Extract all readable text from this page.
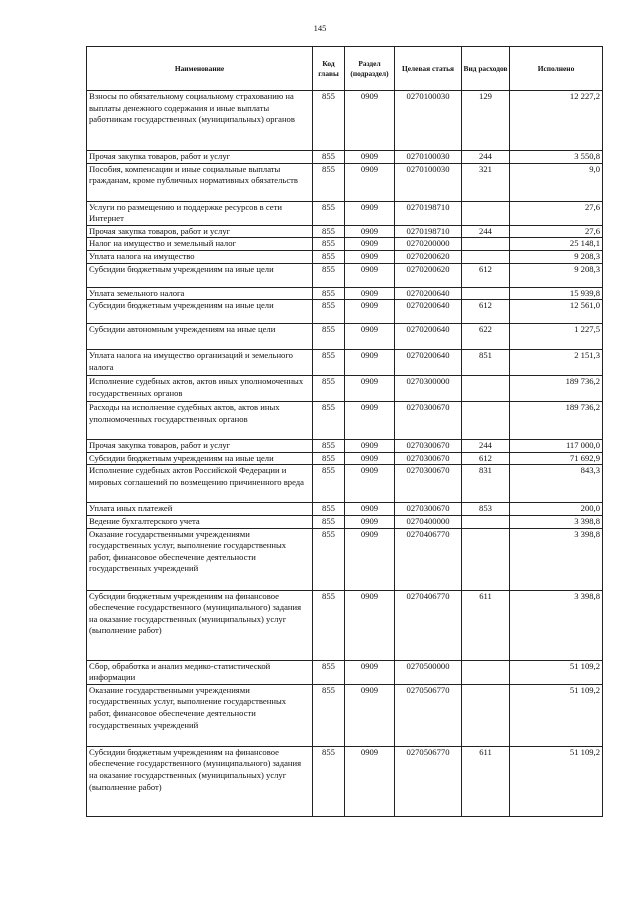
145
Наименование	Код главы	Раздел (подраздел)	Целевая статья	Вид расходов	Исполнено
Взносы по обязательному социальному страхованию на выплаты денежного содержания и иные выплаты работникам государственных (муниципальных) органов	855	0909	0270100030	129	12 227,2
Прочая закупка товаров, работ и услуг	855	0909	0270100030	244	3 550,8
Пособия, компенсации и иные социальные выплаты гражданам, кроме публичных нормативных обязательств	855	0909	0270100030	321	9,0
Услуги по размещению и поддержке ресурсов в сети Интернет	855	0909	0270198710		27,6
Прочая закупка товаров, работ и услуг	855	0909	0270198710	244	27,6
Налог на имущество и земельный налог	855	0909	0270200000		25 148,1
Уплата налога на имущество	855	0909	0270200620		9 208,3
Субсидии бюджетным учреждениям на иные цели	855	0909	0270200620	612	9 208,3
Уплата земельного налога	855	0909	0270200640		15 939,8
Субсидии бюджетным учреждениям на иные цели	855	0909	0270200640	612	12 561,0
Субсидии автономным учреждениям на иные цели	855	0909	0270200640	622	1 227,5
Уплата налога на имущество организаций и земельного налога	855	0909	0270200640	851	2 151,3
Исполнение судебных актов, актов иных уполномоченных государственных органов	855	0909	0270300000		189 736,2
Расходы на исполнение судебных актов, актов иных уполномоченных государственных органов	855	0909	0270300670		189 736,2
Прочая закупка товаров, работ и услуг	855	0909	0270300670	244	117 000,0
Субсидии бюджетным учреждениям на иные цели	855	0909	0270300670	612	71 692,9
Исполнение судебных актов Российской Федерации и мировых соглашений по возмещению причиненного вреда	855	0909	0270300670	831	843,3
Уплата иных платежей	855	0909	0270300670	853	200,0
Ведение бухгалтерского учета	855	0909	0270400000		3 398,8
Оказание государственными учреждениями государственных услуг, выполнение государственных работ, финансовое обеспечение деятельности государственных учреждений	855	0909	0270406770		3 398,8
Субсидии бюджетным учреждениям на финансовое обеспечение государственного (муниципального) задания на оказание государственных (муниципальных) услуг (выполнение работ)	855	0909	0270406770	611	3 398,8
Сбор, обработка и анализ медико-статистической информации	855	0909	0270500000		51 109,2
Оказание государственными учреждениями государственных услуг, выполнение государственных работ, финансовое обеспечение деятельности государственных учреждений	855	0909	0270506770		51 109,2
Субсидии бюджетным учреждениям на финансовое обеспечение государственного (муниципального) задания на оказание государственных (муниципальных) услуг (выполнение работ)	855	0909	0270506770	611	51 109,2
